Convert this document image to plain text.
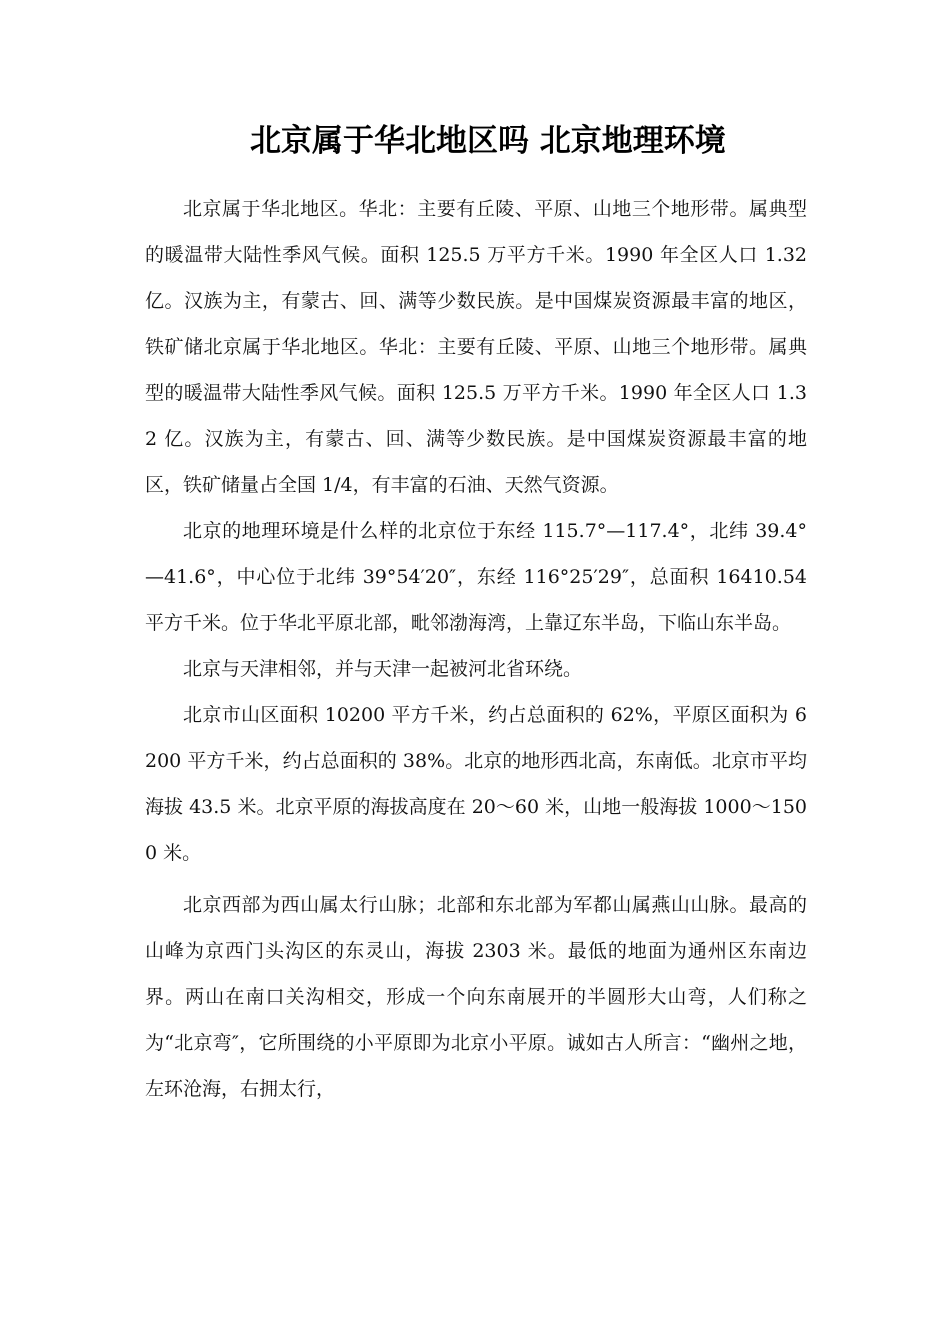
北京属于华北地区吗 北京地理环境

北京属于华北地区。华北：主要有丘陵、平原、山地三个地形带。属典型的暖温带大陆性季风气候。面积 125.5 万平方千米。1990 年全区人口 1.32 亿。汉族为主，有蒙古、回、满等少数民族。是中国煤炭资源最丰富的地区，铁矿储北京属于华北地区。华北：主要有丘陵、平原、山地三个地形带。属典型的暖温带大陆性季风气候。面积 125.5 万平方千米。1990 年全区人口 1.32 亿。汉族为主，有蒙古、回、满等少数民族。是中国煤炭资源最丰富的地区，铁矿储量占全国 1/4，有丰富的石油、天然气资源。

北京的地理环境是什么样的北京位于东经 115.7°—117.4°，北纬 39.4°—41.6°，中心位于北纬 39°54′20″，东经 116°25′29″，总面积 16410.54 平方千米。位于华北平原北部，毗邻渤海湾，上靠辽东半岛，下临山东半岛。

北京与天津相邻，并与天津一起被河北省环绕。

北京市山区面积 10200 平方千米，约占总面积的 62%，平原区面积为 6200 平方千米，约占总面积的 38%。北京的地形西北高，东南低。北京市平均海拔 43.5 米。北京平原的海拔高度在 20～60 米，山地一般海拔 1000～1500 米。

北京西部为西山属太行山脉；北部和东北部为军都山属燕山山脉。最高的山峰为京西门头沟区的东灵山，海拔 2303 米。最低的地面为通州区东南边界。两山在南口关沟相交，形成一个向东南展开的半圆形大山弯，人们称之为“北京弯″，它所围绕的小平原即为北京小平原。诚如古人所言：“幽州之地，左环沧海，右拥太行，
